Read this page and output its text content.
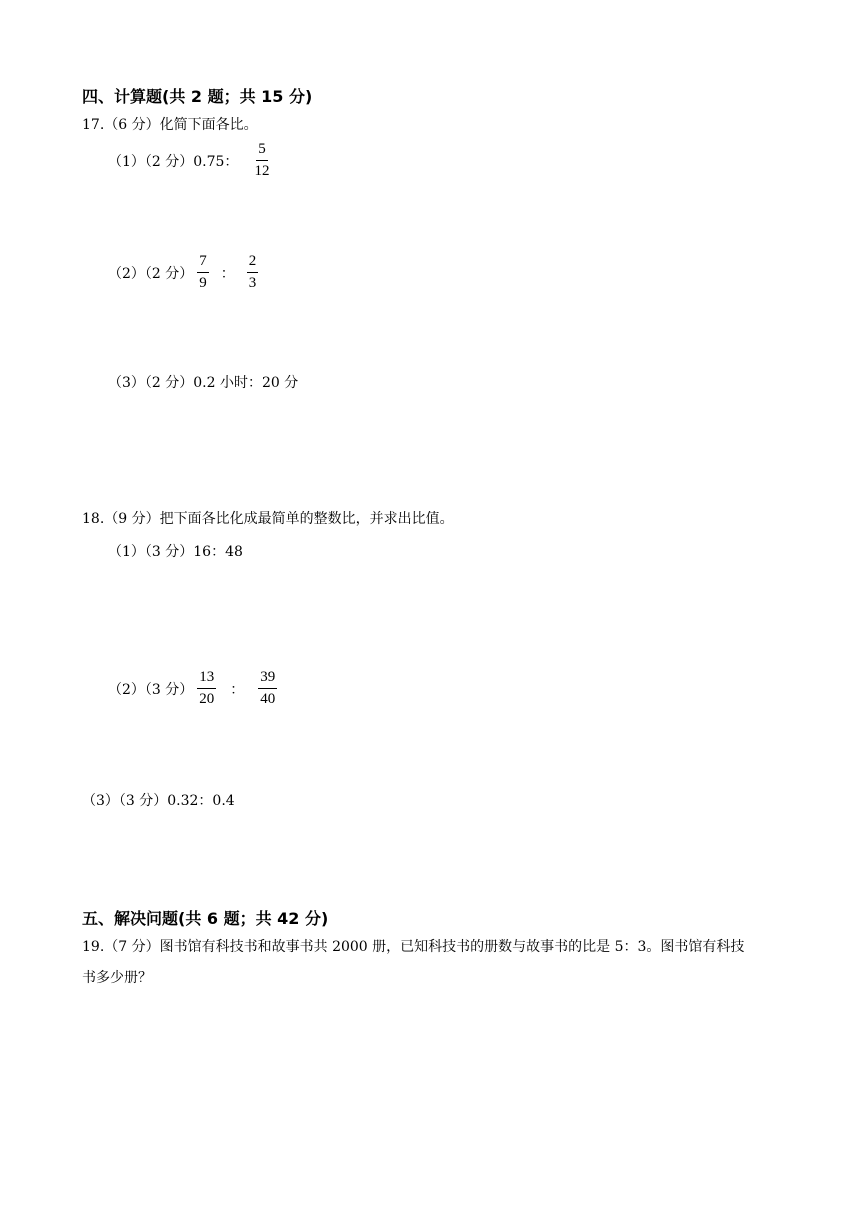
四、计算题(共 2 题；共 15 分)
17.（6 分）化简下面各比。
（1）（2 分）0.75： $\frac{5}{12}$
（2）（2 分） $\frac{7}{9}$ ： $\frac{2}{3}$
（3）（2 分）0.2 小时：20 分
18.（9 分）把下面各比化成最简单的整数比，并求出比值。
（1）（3 分）16：48
（2）（3 分） $\frac{13}{20}$ ： $\frac{39}{40}$
（3）（3 分）0.32：0.4
五、解决问题(共 6 题；共 42 分)
19.（7 分）图书馆有科技书和故事书共 2000 册，已知科技书的册数与故事书的比是 5：3。图书馆有科技
书多少册？
